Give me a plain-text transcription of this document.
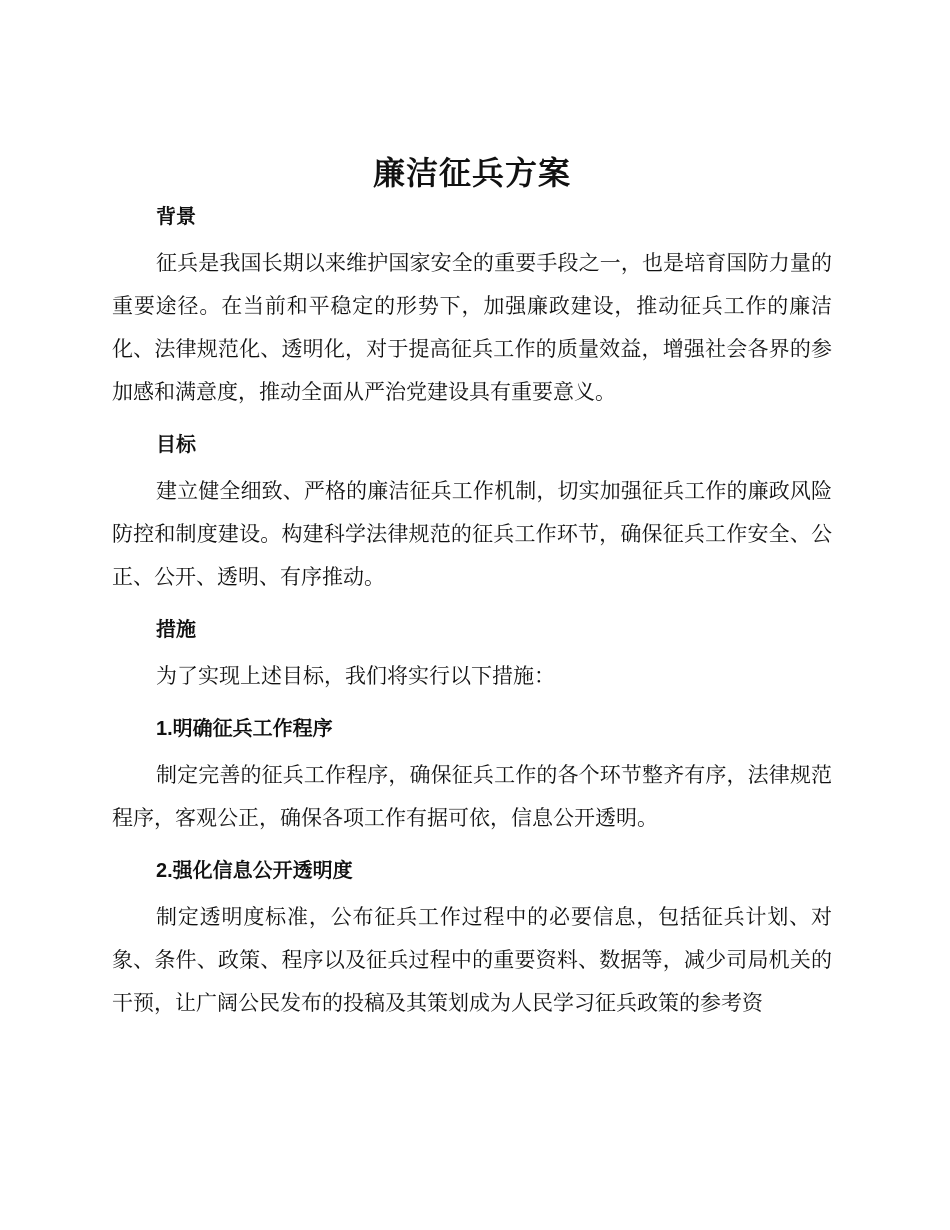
廉洁征兵方案
背景

征兵是我国长期以来维护国家安全的重要手段之一，也是培育国防力量的重要途径。在当前和平稳定的形势下，加强廉政建设，推动征兵工作的廉洁化、法律规范化、透明化，对于提高征兵工作的质量效益，增强社会各界的参加感和满意度，推动全面从严治党建设具有重要意义。

目标

建立健全细致、严格的廉洁征兵工作机制，切实加强征兵工作的廉政风险防控和制度建设。构建科学法律规范的征兵工作环节，确保征兵工作安全、公正、公开、透明、有序推动。

措施

为了实现上述目标，我们将实行以下措施：

1.明确征兵工作程序

制定完善的征兵工作程序，确保征兵工作的各个环节整齐有序，法律规范程序，客观公正，确保各项工作有据可依，信息公开透明。

2.强化信息公开透明度

制定透明度标准，公布征兵工作过程中的必要信息，包括征兵计划、对象、条件、政策、程序以及征兵过程中的重要资料、数据等，减少司局机关的干预，让广阔公民发布的投稿及其策划成为人民学习征兵政策的参考资
